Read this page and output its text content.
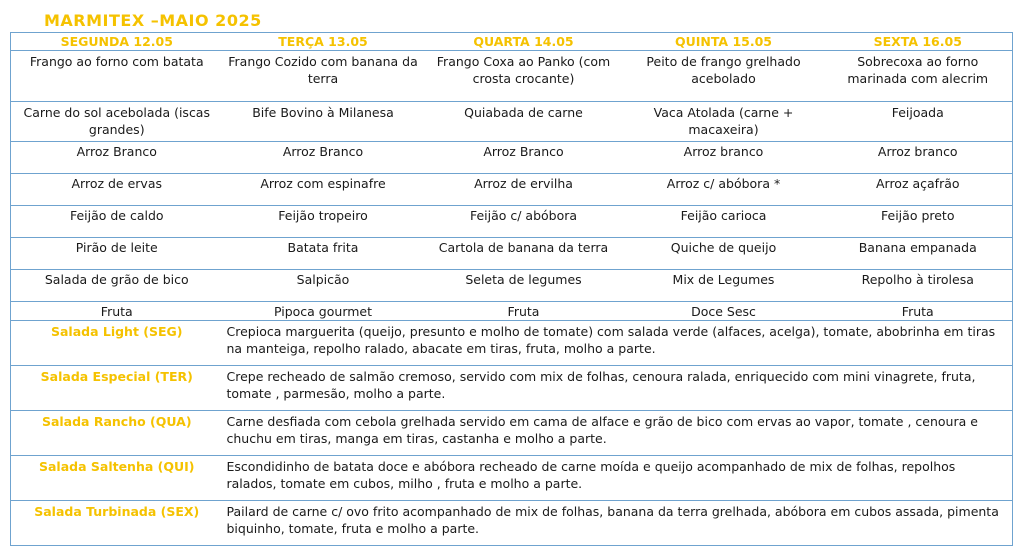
MARMITEX –MAIO 2025
SEGUNDA 12.05	TERÇA 13.05	QUARTA 14.05	QUINTA 15.05	SEXTA 16.05
Frango ao forno com batata	Frango Cozido com banana da terra	Frango Coxa ao Panko (com crosta crocante)	Peito de frango grelhado acebolado	Sobrecoxa ao forno marinada com alecrim
Carne do sol acebolada (iscas grandes)	Bife Bovino à Milanesa	Quiabada de carne	Vaca Atolada (carne + macaxeira)	Feijoada
Arroz Branco	Arroz Branco	Arroz Branco	Arroz branco	Arroz branco
Arroz de ervas	Arroz com espinafre	Arroz de ervilha	Arroz c/ abóbora *	Arroz açafrão
Feijão de caldo	Feijão tropeiro	Feijão c/ abóbora	Feijão carioca	Feijão preto
Pirão de leite	Batata frita	Cartola de banana da terra	Quiche de queijo	Banana empanada
Salada de grão de bico	Salpicão	Seleta de legumes	Mix de Legumes	Repolho à tirolesa
Fruta	Pipoca gourmet	Fruta	Doce Sesc	Fruta
Salada Light (SEG)	Crepioca marguerita (queijo, presunto e molho de tomate) com salada verde (alfaces, acelga), tomate, abobrinha em tiras na manteiga, repolho ralado, abacate em tiras, fruta, molho a parte.			
Salada Especial (TER)	Crepe recheado de salmão cremoso, servido com mix de folhas, cenoura ralada, enriquecido com mini vinagrete, fruta, tomate , parmesão, molho a parte.			
Salada Rancho (QUA)	Carne desfiada com cebola grelhada servido em cama de alface e grão de bico com ervas ao vapor, tomate , cenoura e chuchu em tiras, manga em tiras, castanha e molho a parte.			
Salada Saltenha (QUI)	Escondidinho de batata doce e abóbora recheado de carne moída e queijo acompanhado de mix de folhas, repolhos ralados, tomate em cubos, milho , fruta e molho a parte.			
Salada Turbinada (SEX)	Pailard de carne c/ ovo frito acompanhado de mix de folhas, banana da terra grelhada, abóbora em cubos assada, pimenta biquinho, tomate, fruta e molho a parte.			
